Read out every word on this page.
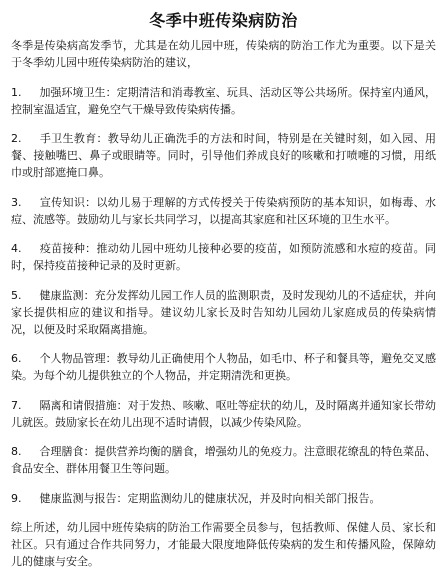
冬季中班传染病防治
冬季是传染病高发季节，尤其是在幼儿园中班，传染病的防治工作尤为重要。以下是关于冬季幼儿园中班传染病防治的建议，
1. 加强环境卫生：定期清洁和消毒教室、玩具、活动区等公共场所。保持室内通风，控制室温适宜，避免空气干燥导致传染病传播。
2. 手卫生教育：教导幼儿正确洗手的方法和时间，特别是在关键时刻，如入园、用餐、接触嘴巴、鼻子或眼睛等。同时，引导他们养成良好的咳嗽和打喷嚏的习惯，用纸巾或肘部遮掩口鼻。
3. 宣传知识：以幼儿易于理解的方式传授关于传染病预防的基本知识，如梅毒、水痘、流感等。鼓励幼儿与家长共同学习，以提高其家庭和社区环境的卫生水平。
4. 疫苗接种：推动幼儿园中班幼儿接种必要的疫苗，如预防流感和水痘的疫苗。同时，保持疫苗接种记录的及时更新。
5. 健康监测：充分发挥幼儿园工作人员的监测职责，及时发现幼儿的不适症状，并向家长提供相应的建议和指导。建议幼儿家长及时告知幼儿园幼儿家庭成员的传染病情况，以便及时采取隔离措施。
6. 个人物品管理：教导幼儿正确使用个人物品，如毛巾、杯子和餐具等，避免交叉感染。为每个幼儿提供独立的个人物品，并定期清洗和更换。
7. 隔离和请假措施：对于发热、咳嗽、呕吐等症状的幼儿，及时隔离并通知家长带幼儿就医。鼓励家长在幼儿出现不适时请假，以减少传染风险。
8. 合理膳食：提供营养均衡的膳食，增强幼儿的免疫力。注意眼花缭乱的特色菜品、食品安全、群体用餐卫生等问题。
9. 健康监测与报告：定期监测幼儿的健康状况，并及时向相关部门报告。
综上所述，幼儿园中班传染病的防治工作需要全员参与，包括教师、保健人员、家长和社区。只有通过合作共同努力，才能最大限度地降低传染病的发生和传播风险，保障幼儿的健康与安全。
